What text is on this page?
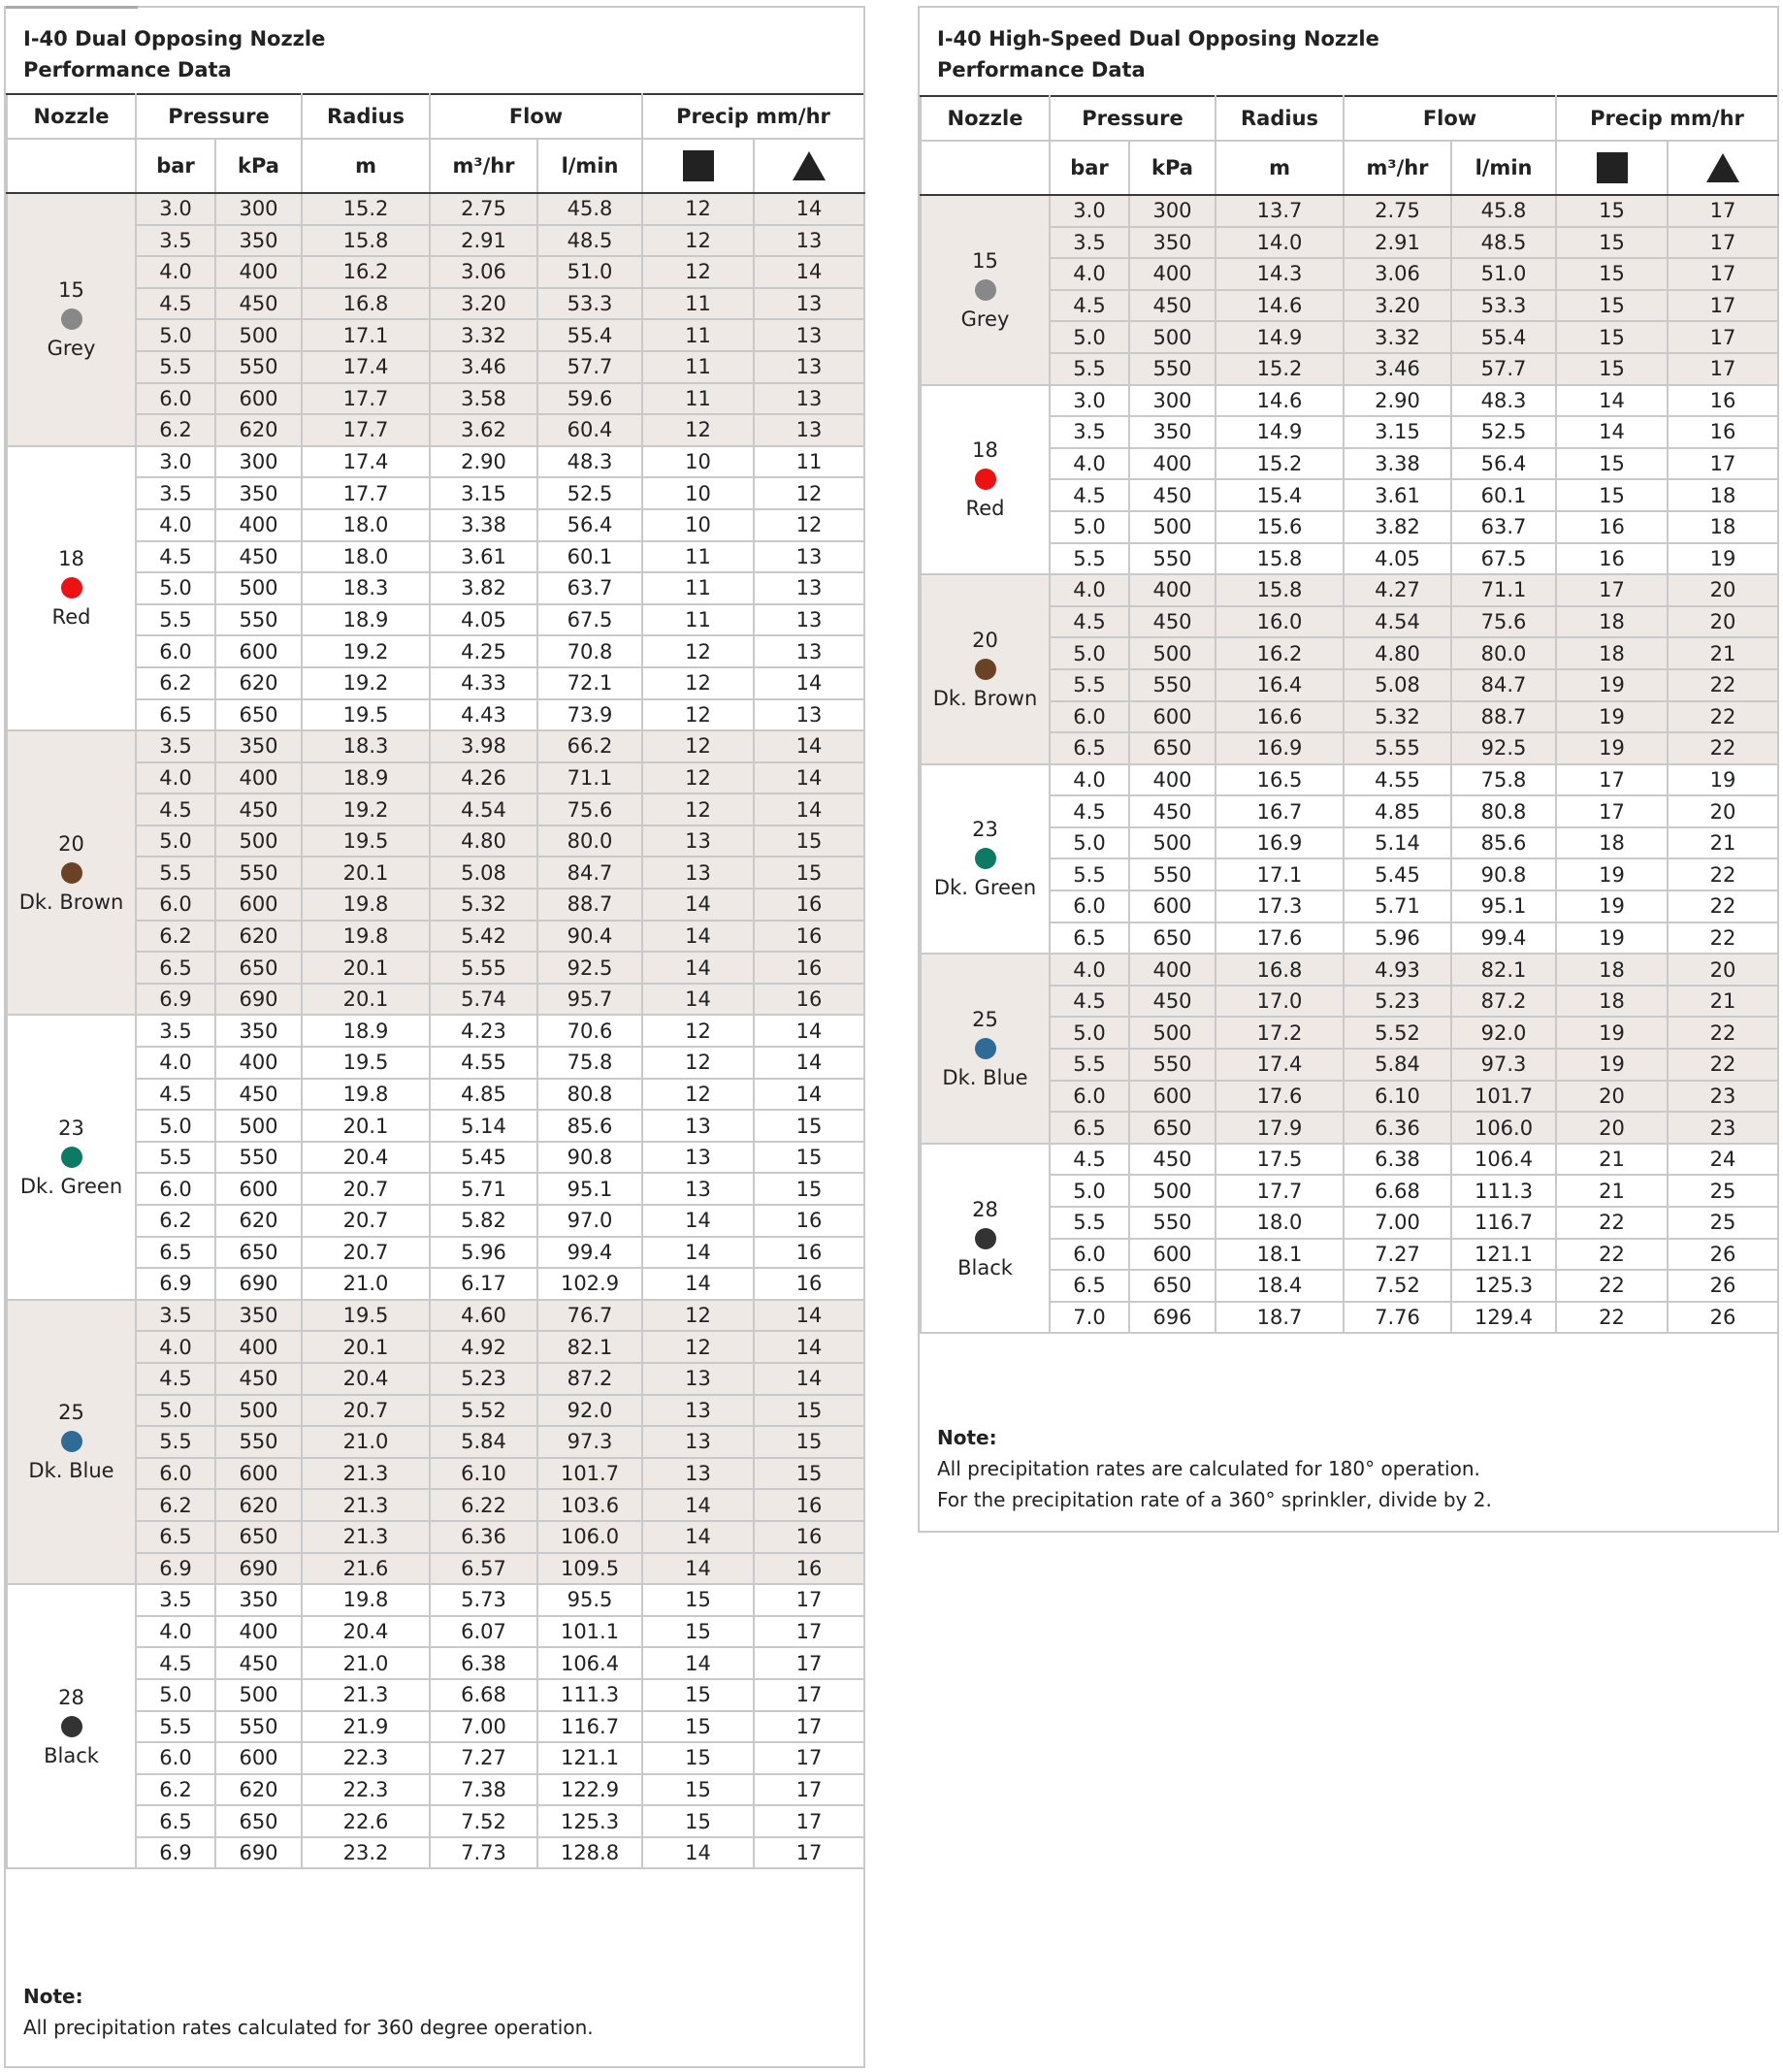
I-40 Dual Opposing Nozzle
Performance Data
Nozzle	Pressure		Radius	Flow		Precip mm/hr	
	bar	kPa	m	m³/hr	l/min		

15
Grey	3.0	300	15.2	2.75	45.8	12	14
	3.5	350	15.8	2.91	48.5	12	13
	4.0	400	16.2	3.06	51.0	12	14
	4.5	450	16.8	3.20	53.3	11	13
	5.0	500	17.1	3.32	55.4	11	13
	5.5	550	17.4	3.46	57.7	11	13
	6.0	600	17.7	3.58	59.6	11	13
	6.2	620	17.7	3.62	60.4	12	13

18
Red	3.0	300	17.4	2.90	48.3	10	11
	3.5	350	17.7	3.15	52.5	10	12
	4.0	400	18.0	3.38	56.4	10	12
	4.5	450	18.0	3.61	60.1	11	13
	5.0	500	18.3	3.82	63.7	11	13
	5.5	550	18.9	4.05	67.5	11	13
	6.0	600	19.2	4.25	70.8	12	13
	6.2	620	19.2	4.33	72.1	12	14
	6.5	650	19.5	4.43	73.9	12	13

20
Dk. Brown	3.5	350	18.3	3.98	66.2	12	14
	4.0	400	18.9	4.26	71.1	12	14
	4.5	450	19.2	4.54	75.6	12	14
	5.0	500	19.5	4.80	80.0	13	15
	5.5	550	20.1	5.08	84.7	13	15
	6.0	600	19.8	5.32	88.7	14	16
	6.2	620	19.8	5.42	90.4	14	16
	6.5	650	20.1	5.55	92.5	14	16
	6.9	690	20.1	5.74	95.7	14	16

23
Dk. Green	3.5	350	18.9	4.23	70.6	12	14
	4.0	400	19.5	4.55	75.8	12	14
	4.5	450	19.8	4.85	80.8	12	14
	5.0	500	20.1	5.14	85.6	13	15
	5.5	550	20.4	5.45	90.8	13	15
	6.0	600	20.7	5.71	95.1	13	15
	6.2	620	20.7	5.82	97.0	14	16
	6.5	650	20.7	5.96	99.4	14	16
	6.9	690	21.0	6.17	102.9	14	16

25
Dk. Blue	3.5	350	19.5	4.60	76.7	12	14
	4.0	400	20.1	4.92	82.1	12	14
	4.5	450	20.4	5.23	87.2	13	14
	5.0	500	20.7	5.52	92.0	13	15
	5.5	550	21.0	5.84	97.3	13	15
	6.0	600	21.3	6.10	101.7	13	15
	6.2	620	21.3	6.22	103.6	14	16
	6.5	650	21.3	6.36	106.0	14	16
	6.9	690	21.6	6.57	109.5	14	16

28
Black	3.5	350	19.8	5.73	95.5	15	17
	4.0	400	20.4	6.07	101.1	15	17
	4.5	450	21.0	6.38	106.4	14	17
	5.0	500	21.3	6.68	111.3	15	17
	5.5	550	21.9	7.00	116.7	15	17
	6.0	600	22.3	7.27	121.1	15	17
	6.2	620	22.3	7.38	122.9	15	17
	6.5	650	22.6	7.52	125.3	15	17
	6.9	690	23.2	7.73	128.8	14	17
Note:
All precipitation rates calculated for 360 degree operation.
I-40 High-Speed Dual Opposing Nozzle
Performance Data
Nozzle	Pressure		Radius	Flow		Precip mm/hr	
	bar	kPa	m	m³/hr	l/min		

15
Grey	3.0	300	13.7	2.75	45.8	15	17
	3.5	350	14.0	2.91	48.5	15	17
	4.0	400	14.3	3.06	51.0	15	17
	4.5	450	14.6	3.20	53.3	15	17
	5.0	500	14.9	3.32	55.4	15	17
	5.5	550	15.2	3.46	57.7	15	17

18
Red	3.0	300	14.6	2.90	48.3	14	16
	3.5	350	14.9	3.15	52.5	14	16
	4.0	400	15.2	3.38	56.4	15	17
	4.5	450	15.4	3.61	60.1	15	18
	5.0	500	15.6	3.82	63.7	16	18
	5.5	550	15.8	4.05	67.5	16	19

20
Dk. Brown	4.0	400	15.8	4.27	71.1	17	20
	4.5	450	16.0	4.54	75.6	18	20
	5.0	500	16.2	4.80	80.0	18	21
	5.5	550	16.4	5.08	84.7	19	22
	6.0	600	16.6	5.32	88.7	19	22
	6.5	650	16.9	5.55	92.5	19	22

23
Dk. Green	4.0	400	16.5	4.55	75.8	17	19
	4.5	450	16.7	4.85	80.8	17	20
	5.0	500	16.9	5.14	85.6	18	21
	5.5	550	17.1	5.45	90.8	19	22
	6.0	600	17.3	5.71	95.1	19	22
	6.5	650	17.6	5.96	99.4	19	22

25
Dk. Blue	4.0	400	16.8	4.93	82.1	18	20
	4.5	450	17.0	5.23	87.2	18	21
	5.0	500	17.2	5.52	92.0	19	22
	5.5	550	17.4	5.84	97.3	19	22
	6.0	600	17.6	6.10	101.7	20	23
	6.5	650	17.9	6.36	106.0	20	23

28
Black	4.5	450	17.5	6.38	106.4	21	24
	5.0	500	17.7	6.68	111.3	21	25
	5.5	550	18.0	7.00	116.7	22	25
	6.0	600	18.1	7.27	121.1	22	26
	6.5	650	18.4	7.52	125.3	22	26
	7.0	696	18.7	7.76	129.4	22	26
Note:
All precipitation rates are calculated for 180° operation.
For the precipitation rate of a 360° sprinkler, divide by 2.
